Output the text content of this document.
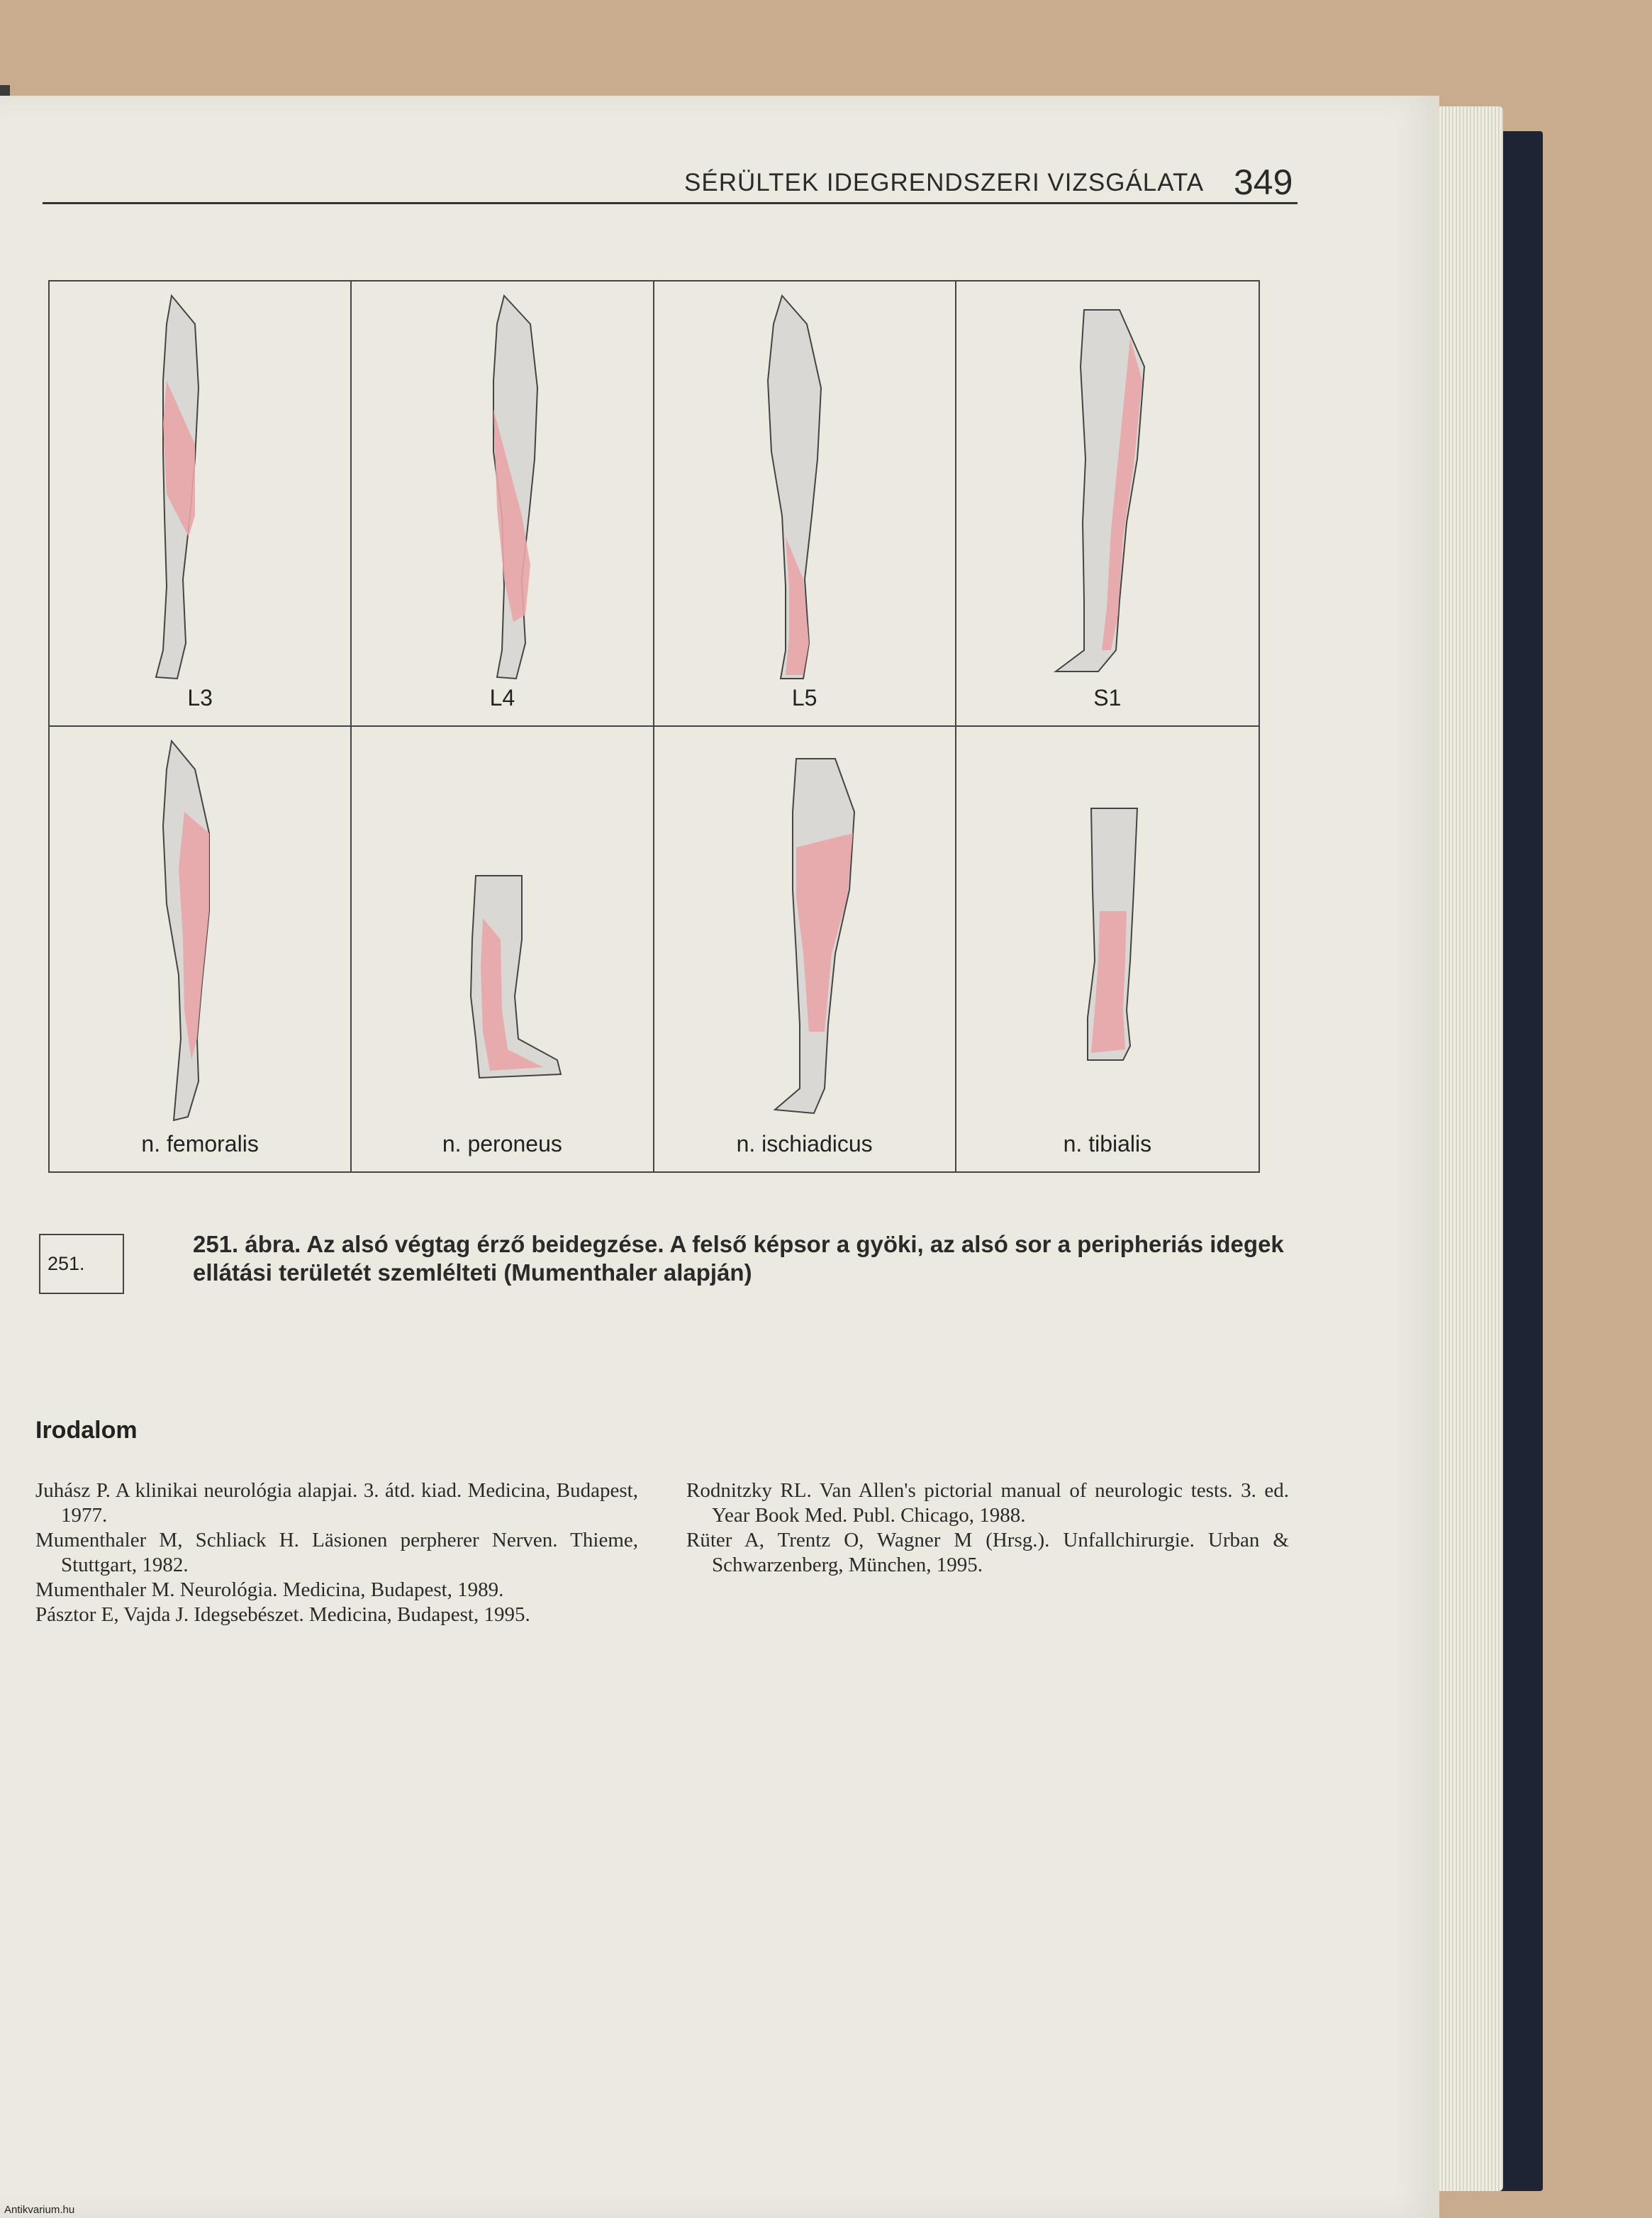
SÉRÜLTEK IDEGRENDSZERI VIZSGÁLATA 349
L3	L4	L5	S1
n. femoralis	n. peroneus	n. ischiadicus	n. tibialis
251.
251. ábra. Az alsó végtag érző beidegzése. A felső képsor a gyöki, az alsó sor a peripheriás idegek ellátási területét szemlélteti (Mumenthaler alapján)
Irodalom
Juhász P. A klinikai neurológia alapjai. 3. átd. kiad. Medicina, Budapest, 1977.
Mumenthaler M, Schliack H. Läsionen perpherer Nerven. Thieme, Stuttgart, 1982.
Mumenthaler M. Neurológia. Medicina, Budapest, 1989.
Pásztor E, Vajda J. Idegsebészet. Medicina, Budapest, 1995.
Rodnitzky RL. Van Allen's pictorial manual of neurologic tests. 3. ed. Year Book Med. Publ. Chicago, 1988.
Rüter A, Trentz O, Wagner M (Hrsg.). Unfallchirurgie. Urban & Schwarzenberg, München, 1995.
Antikvarium.hu
